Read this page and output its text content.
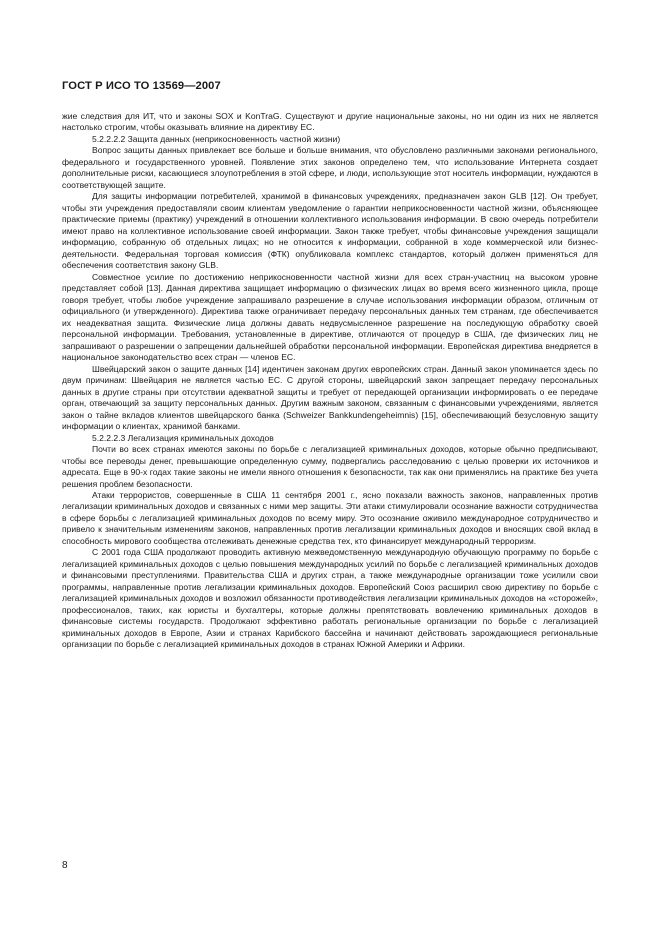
ГОСТ Р ИСО ТО 13569—2007

жие следствия для ИТ, что и законы SOX и KonTraG. Существуют и другие национальные законы, но ни один из них не является настолько строгим, чтобы оказывать влияние на директиву ЕС.

5.2.2.2.2 Защита данных (неприкосновенность частной жизни)

Вопрос защиты данных привлекает все больше и больше внимания, что обусловлено различными законами регионального, федерального и государственного уровней. Появление этих законов определено тем, что использование Интернета создает дополнительные риски, касающиеся злоупотребления в этой сфере, и люди, использующие этот носитель информации, нуждаются в соответствующей защите.

Для защиты информации потребителей, хранимой в финансовых учреждениях, предназначен закон GLB [12]. Он требует, чтобы эти учреждения предоставляли своим клиентам уведомление о гарантии неприкосновенности частной жизни, объясняющее практические приемы (практику) учреждений в отношении коллективного использования информации. В свою очередь потребители имеют право на коллективное использование своей информации. Закон также требует, чтобы финансовые учреждения защищали информацию, собранную об отдельных лицах; но не относится к информации, собранной в ходе коммерческой или бизнес-деятельности. Федеральная торговая комиссия (ФТК) опубликовала комплекс стандартов, который должен применяться для обеспечения соответствия закону GLB.

Совместное усилие по достижению неприкосновенности частной жизни для всех стран-участниц на высоком уровне представляет собой [13]. Данная директива защищает информацию о физических лицах во время всего жизненного цикла, проще говоря требует, чтобы любое учреждение запрашивало разрешение в случае использования информации образом, отличным от официального (и утвержденного). Директива также ограничивает передачу персональных данных тем странам, где обеспечивается их неадекватная защита. Физические лица должны давать недвусмысленное разрешение на последующую обработку своей персональной информации. Требования, установленные в директиве, отличаются от процедур в США, где физических лиц не запрашивают о разрешении о запрещении дальнейшей обработки персональной информации. Европейская директива внедряется в национальное законодательство всех стран — членов ЕС.

Швейцарский закон о защите данных [14] идентичен законам других европейских стран. Данный закон упоминается здесь по двум причинам: Швейцария не является частью ЕС. С другой стороны, швейцарский закон запрещает передачу персональных данных в другие страны при отсутствии адекватной защиты и требует от передающей организации информировать о ее передаче орган, отвечающий за защиту персональных данных. Другим важным законом, связанным с финансовыми учреждениями, является закон о тайне вкладов клиентов швейцарского банка (Schweizer Bankkundengeheimnis) [15], обеспечивающий безусловную защиту информации о клиентах, хранимой банками.

5.2.2.2.3 Легализация криминальных доходов

Почти во всех странах имеются законы по борьбе с легализацией криминальных доходов, которые обычно предписывают, чтобы все переводы денег, превышающие определенную сумму, подвергались расследованию с целью проверки их источников и адресата. Еще в 90-х годах такие законы не имели явного отношения к безопасности, так как они применялись на практике без учета решения проблем безопасности.

Атаки террористов, совершенные в США 11 сентября 2001 г., ясно показали важность законов, направленных против легализации криминальных доходов и связанных с ними мер защиты. Эти атаки стимулировали осознание важности сотрудничества в сфере борьбы с легализацией криминальных доходов по всему миру. Это осознание оживило международное сотрудничество и привело к значительным изменениям законов, направленных против легализации криминальных доходов и вносящих свой вклад в способность мирового сообщества отслеживать денежные средства тех, кто финансирует международный терроризм.

С 2001 года США продолжают проводить активную межведомственную международную обучающую программу по борьбе с легализацией криминальных доходов с целью повышения международных усилий по борьбе с легализацией криминальных доходов и финансовыми преступлениями. Правительства США и других стран, а также международные организации тоже усилили свои программы, направленные против легализации криминальных доходов. Европейский Союз расширил свою директиву по борьбе с легализацией криминальных доходов и возложил обязанности противодействия легализации криминальных доходов на «сторожей», профессионалов, таких, как юристы и бухгалтеры, которые должны препятствовать вовлечению криминальных доходов в финансовые системы государств. Продолжают эффективно работать региональные организации по борьбе с легализацией криминальных доходов в Европе, Азии и странах Карибского бассейна и начинают действовать зарождающиеся региональные организации по борьбе с легализацией криминальных доходов в странах Южной Америки и Африки.

8
